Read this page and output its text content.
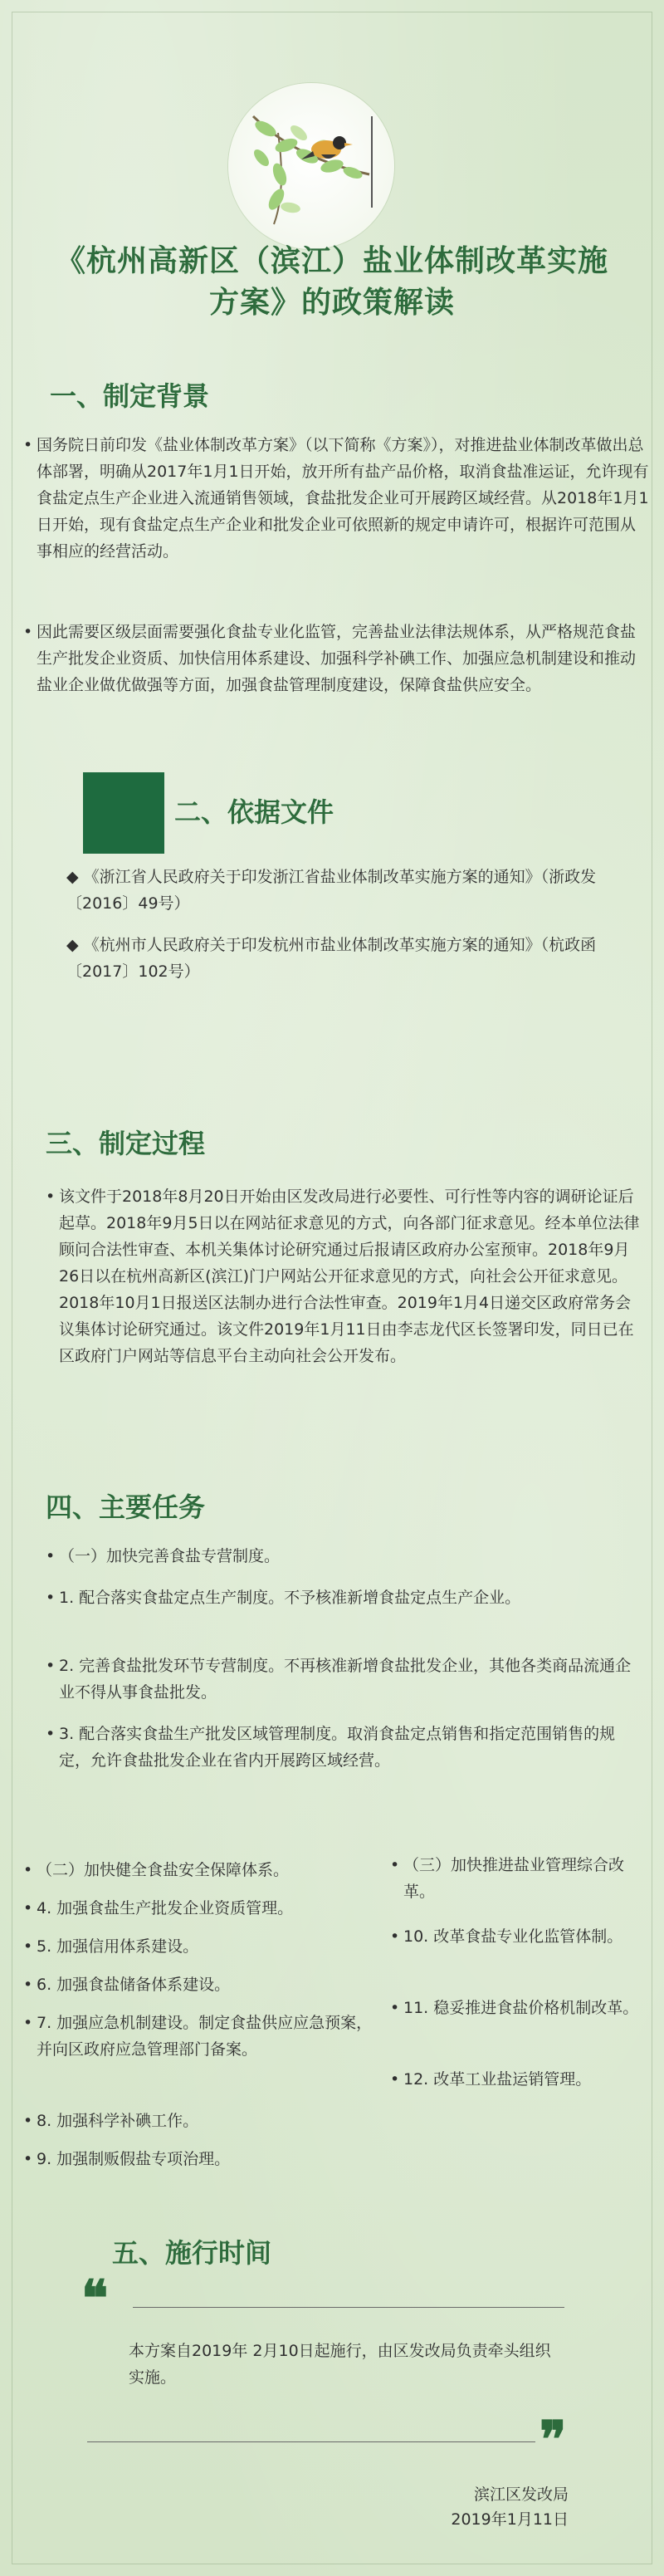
《杭州高新区（滨江）盐业体制改革实施方案》的政策解读
一、制定背景
• 国务院日前印发《盐业体制改革方案》（以下简称《方案》），对推进盐业体制改革做出总体部署，明确从2017年1月1日开始，放开所有盐产品价格，取消食盐准运证，允许现有食盐定点生产企业进入流通销售领域，食盐批发企业可开展跨区域经营。从2018年1月1日开始，现有食盐定点生产企业和批发企业可依照新的规定申请许可，根据许可范围从事相应的经营活动。
• 因此需要区级层面需要强化食盐专业化监管，完善盐业法律法规体系，从严格规范食盐生产批发企业资质、加快信用体系建设、加强科学补碘工作、加强应急机制建设和推动盐业企业做优做强等方面，加强食盐管理制度建设，保障食盐供应安全。
二、依据文件
◆ 《浙江省人民政府关于印发浙江省盐业体制改革实施方案的通知》（浙政发〔2016〕49号）
◆ 《杭州市人民政府关于印发杭州市盐业体制改革实施方案的通知》（杭政函〔2017〕102号）
三、制定过程
• 该文件于2018年8月20日开始由区发改局进行必要性、可行性等内容的调研论证后起草。2018年9月5日以在网站征求意见的方式，向各部门征求意见。经本单位法律顾问合法性审查、本机关集体讨论研究通过后报请区政府办公室预审。2018年9月26日以在杭州高新区(滨江)门户网站公开征求意见的方式，向社会公开征求意见。2018年10月1日报送区法制办进行合法性审查。2019年1月4日递交区政府常务会议集体讨论研究通过。该文件2019年1月11日由李志龙代区长签署印发，同日已在区政府门户网站等信息平台主动向社会公开发布。
四、主要任务
• （一）加快完善食盐专营制度。
• 1. 配合落实食盐定点生产制度。不予核准新增食盐定点生产企业。
• 2. 完善食盐批发环节专营制度。不再核准新增食盐批发企业，其他各类商品流通企业不得从事食盐批发。
• 3. 配合落实食盐生产批发区域管理制度。取消食盐定点销售和指定范围销售的规定，允许食盐批发企业在省内开展跨区域经营。
• （二）加快健全食盐安全保障体系。
• 4. 加强食盐生产批发企业资质管理。
• 5. 加强信用体系建设。
• 6. 加强食盐储备体系建设。
• 7. 加强应急机制建设。制定食盐供应应急预案，并向区政府应急管理部门备案。
• 8. 加强科学补碘工作。
• 9. 加强制贩假盐专项治理。
• （三）加快推进盐业管理综合改革。
• 10. 改革食盐专业化监管体制。
• 11. 稳妥推进食盐价格机制改革。
• 12. 改革工业盐运销管理。
五、施行时间
❝
本方案自2019年 2月10日起施行，由区发改局负责牵头组织实施。
❞
滨江区发改局
2019年1月11日
